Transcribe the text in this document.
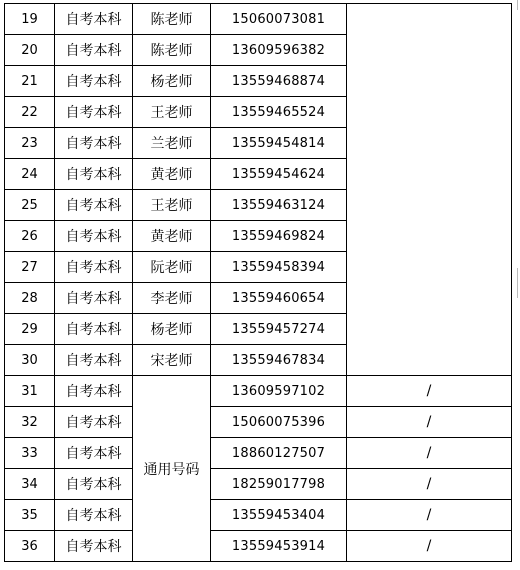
19	自考本科	陈老师	15060073081	
20	自考本科	陈老师	13609596382	
21	自考本科	杨老师	13559468874	
22	自考本科	王老师	13559465524	
23	自考本科	兰老师	13559454814	
24	自考本科	黄老师	13559454624	
25	自考本科	王老师	13559463124	
26	自考本科	黄老师	13559469824	
27	自考本科	阮老师	13559458394	
28	自考本科	李老师	13559460654	
29	自考本科	杨老师	13559457274	
30	自考本科	宋老师	13559467834	
31	自考本科	通用号码	13609597102	/
32	自考本科		15060075396	/
33	自考本科		18860127507	/
34	自考本科		18259017798	/
35	自考本科		13559453404	/
36	自考本科		13559453914	/
